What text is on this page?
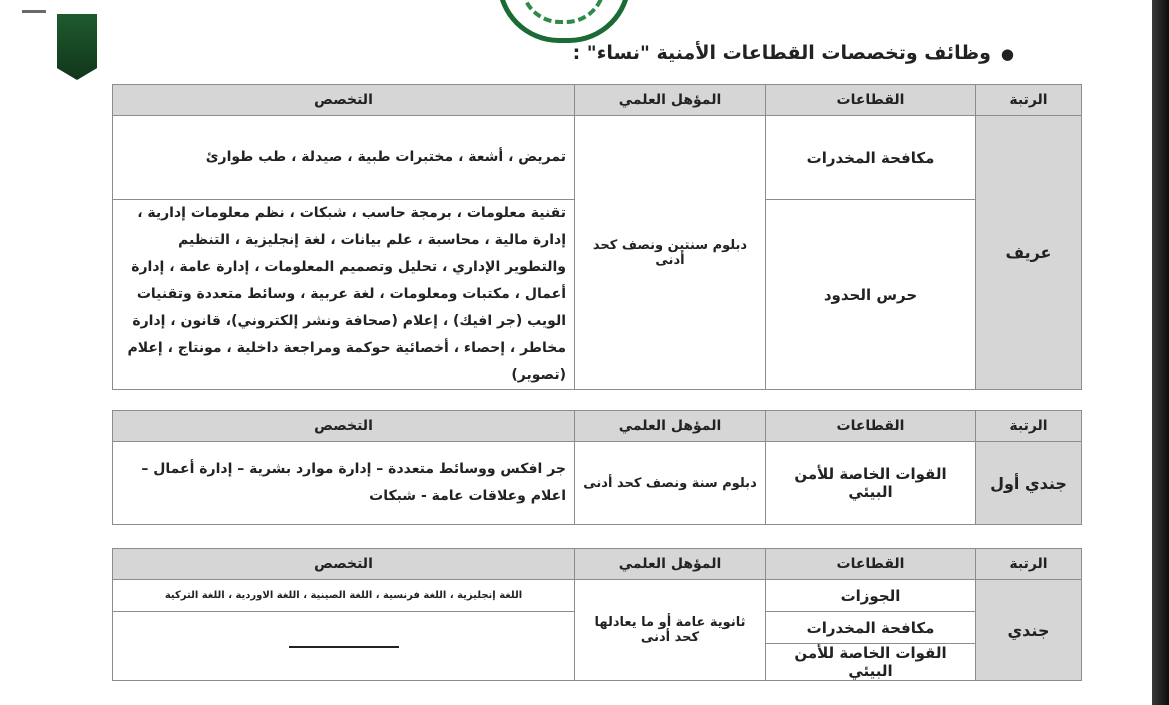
●وظائف وتخصصات القطاعات الأمنية "نساء" :
الرتبة	القطاعات	المؤهل العلمي	التخصص
عريف	مكافحة المخدرات	دبلوم سنتين ونصف كحد أدنى	تمريض ، أشعة ، مختبرات طبية ، صيدلة ، طب طوارئ
	حرس الحدود		تقنية معلومات ، برمجة حاسب ، شبكات ، نظم معلومات إدارية ، إدارة مالية ، محاسبة ، علم بيانات ، لغة إنجليزية ، التنظيم والتطوير الإداري ، تحليل وتصميم المعلومات ، إدارة عامة ، إدارة أعمال ، مكتبات ومعلومات ، لغة عربية ، وسائط متعددة وتقنيات الويب (جر افيك) ، إعلام (صحافة ونشر إلكتروني)، قانون ، إدارة مخاطر ، إحصاء ، أخصائية حوكمة ومراجعة داخلية ، مونتاج ، إعلام (تصوير)
الرتبة	القطاعات	المؤهل العلمي	التخصص
جندي أول	القوات الخاصة للأمن البيئي	دبلوم سنة ونصف كحد أدنى	جر افكس ووسائط متعددة – إدارة موارد بشرية – إدارة أعمال – اعلام وعلاقات عامة - شبكات
الرتبة	القطاعات	المؤهل العلمي	التخصص
جندي	الجوزات	ثانوية عامة أو ما يعادلها كحد أدنى	اللغة إنجليزية ، اللغة فرنسية ، اللغة الصينية ، اللغة الاوردية ، اللغة التركية
	مكافحة المخدرات		
	القوات الخاصة للأمن البيئي		
